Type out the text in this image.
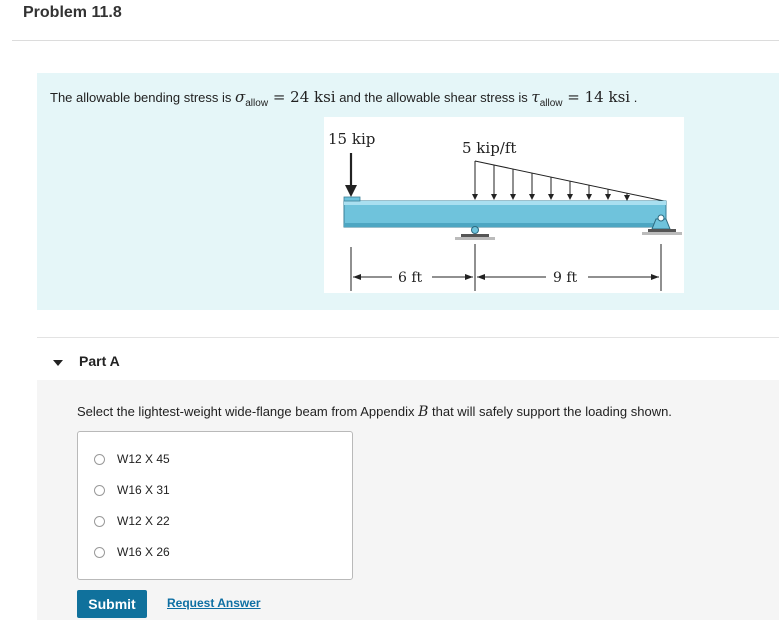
Problem 11.8
The allowable bending stress is $\sigma_{allow} = 24$ ksi and the allowable shear stress is $\tau_{allow} = 14$ ksi .
15 kip	5 kip/ft
6 ft	9 ft
Part A
Select the lightest-weight wide-flange beam from Appendix B that will safely support the loading shown.
W12 X 45
W16 X 31
W12 X 22
W16 X 26
Submit	Request Answer
